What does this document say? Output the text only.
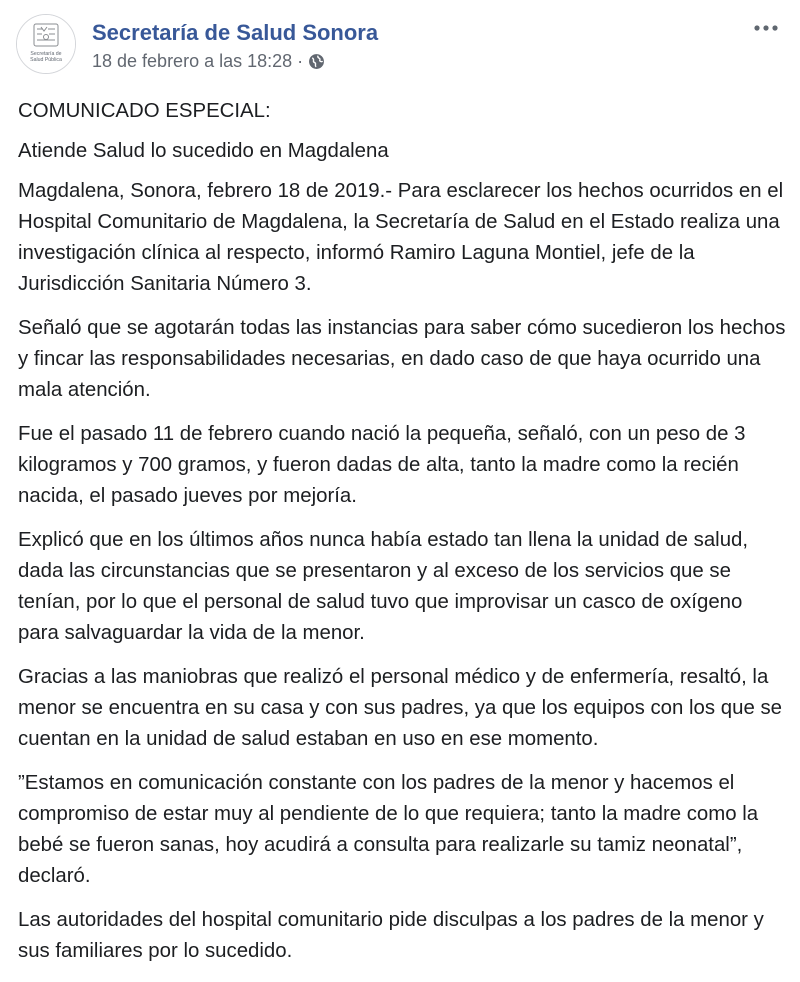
Secretaría de
Salud Pública
Secretaría de Salud Sonora
18 de febrero a las 18:28 ·

COMUNICADO ESPECIAL:

Atiende Salud lo sucedido en Magdalena

Magdalena, Sonora, febrero 18 de 2019.- Para esclarecer los hechos ocurridos en el Hospital Comunitario de Magdalena, la Secretaría de Salud en el Estado realiza una investigación clínica al respecto, informó Ramiro Laguna Montiel, jefe de la Jurisdicción Sanitaria Número 3.

Señaló que se agotarán todas las instancias para saber cómo sucedieron los hechos y fincar las responsabilidades necesarias, en dado caso de que haya ocurrido una mala atención.

Fue el pasado 11 de febrero cuando nació la pequeña, señaló, con un peso de 3 kilogramos y 700 gramos, y fueron dadas de alta, tanto la madre como la recién nacida, el pasado jueves por mejoría.

Explicó que en los últimos años nunca había estado tan llena la unidad de salud, dada las circunstancias que se presentaron y al exceso de los servicios que se tenían, por lo que el personal de salud tuvo que improvisar un casco de oxígeno para salvaguardar la vida de la menor.

Gracias a las maniobras que realizó el personal médico y de enfermería, resaltó, la menor se encuentra en su casa y con sus padres, ya que los equipos con los que se cuentan en la unidad de salud estaban en uso en ese momento.

”Estamos en comunicación constante con los padres de la menor y hacemos el compromiso de estar muy al pendiente de lo que requiera; tanto la madre como la bebé se fueron sanas, hoy acudirá a consulta para realizarle su tamiz neonatal”, declaró.

Las autoridades del hospital comunitario pide disculpas a los padres de la menor y sus familiares por lo sucedido.
